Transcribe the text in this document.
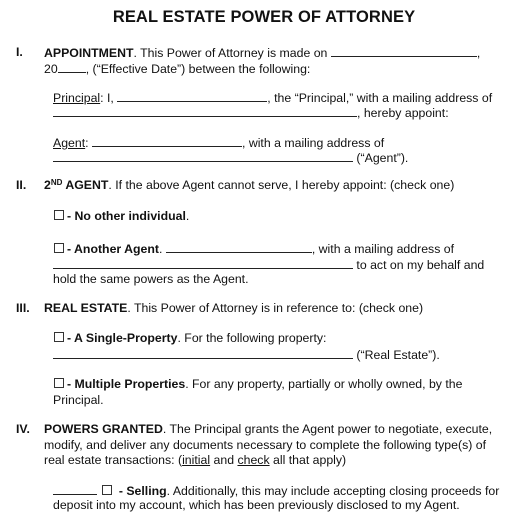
REAL ESTATE POWER OF ATTORNEY
I. APPOINTMENT. This Power of Attorney is made on	,
20 , (“Effective Date”) between the following:
Principal: I,	, the “Principal,” with a mailing address of
, hereby appoint:
Agent:	, with a mailing address of
(“Agent”).
II. 2ND AGENT. If the above Agent cannot serve, I hereby appoint: (check one)
- No other individual.
- Another Agent.	, with a mailing address of
to act on my behalf and
hold the same powers as the Agent.
III. REAL ESTATE. This Power of Attorney is in reference to: (check one)
- A Single-Property. For the following property:
(“Real Estate”).
- Multiple Properties. For any property, partially or wholly owned, by the
Principal.
IV. POWERS GRANTED. The Principal grants the Agent power to negotiate, execute,
modify, and deliver any documents necessary to complete the following type(s) of
real estate transactions: (initial and check all that apply)
- Selling. Additionally, this may include accepting closing proceeds for
deposit into my account, which has been previously disclosed to my Agent.
